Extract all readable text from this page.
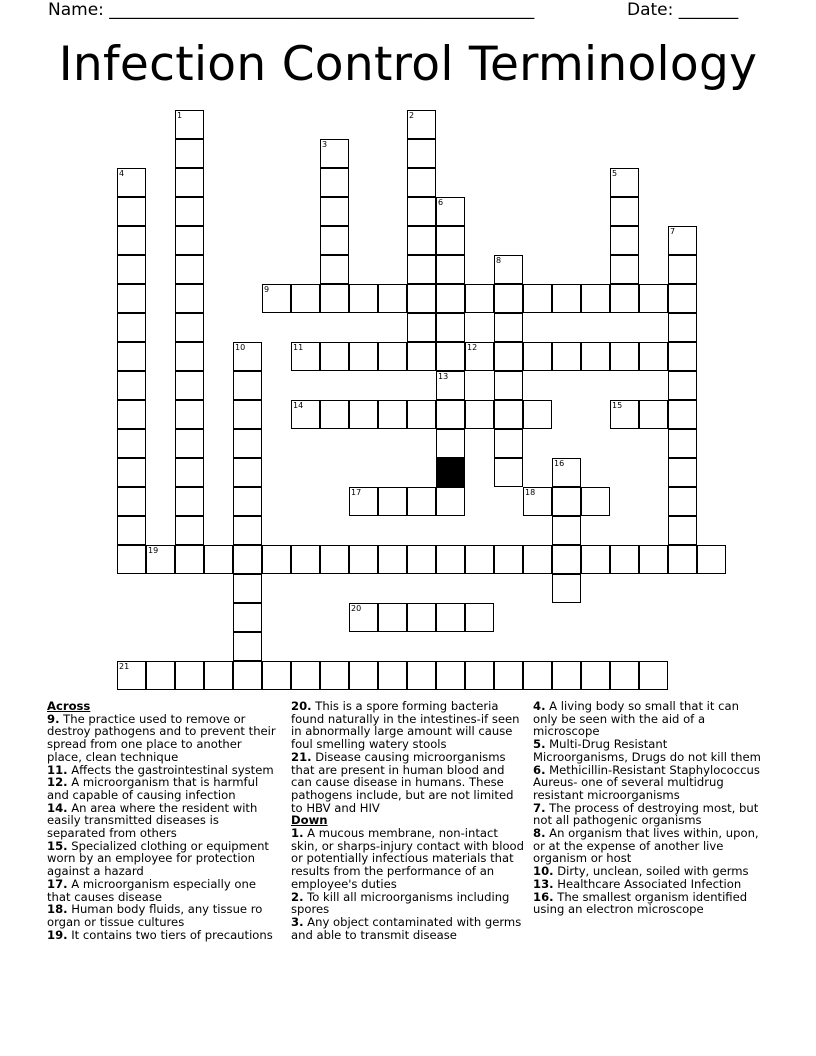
Name: __________________________________________________	Date: _______
Infection Control Terminology
9
11	12
14	15
17	18
19
20
21
1	2
3
4	5
6
13
7
8
10
16
Across
9. The practice used to remove or destroy pathogens and to prevent their spread from one place to another place, clean technique
11. Affects the gastrointestinal system
12. A microorganism that is harmful and capable of causing infection
14. An area where the resident with easily transmitted diseases is separated from others
15. Specialized clothing or equipment worn by an employee for protection against a hazard
17. A microorganism especially one that causes disease
18. Human body fluids, any tissue ro organ or tissue cultures
19. It contains two tiers of precautions
20. This is a spore forming bacteria found naturally in the intestines-if seen in abnormally large amount will cause foul smelling watery stools
21. Disease causing microorganisms that are present in human blood and can cause disease in humans. These pathogens include, but are not limited to HBV and HIV
Down
1. A mucous membrane, non-intact skin, or sharps-injury contact with blood or potentially infectious materials that results from the performance of an employee's duties
2. To kill all microorganisms including spores
3. Any object contaminated with germs and able to transmit disease
4. A living body so small that it can only be seen with the aid of a microscope
5. Multi-Drug Resistant Microorganisms, Drugs do not kill them
6. Methicillin-Resistant Staphylococcus Aureus- one of several multidrug resistant microorganisms
7. The process of destroying most, but not all pathogenic organisms
8. An organism that lives within, upon, or at the expense of another live organism or host
10. Dirty, unclean, soiled with germs
13. Healthcare Associated Infection
16. The smallest organism identified using an electron microscope
